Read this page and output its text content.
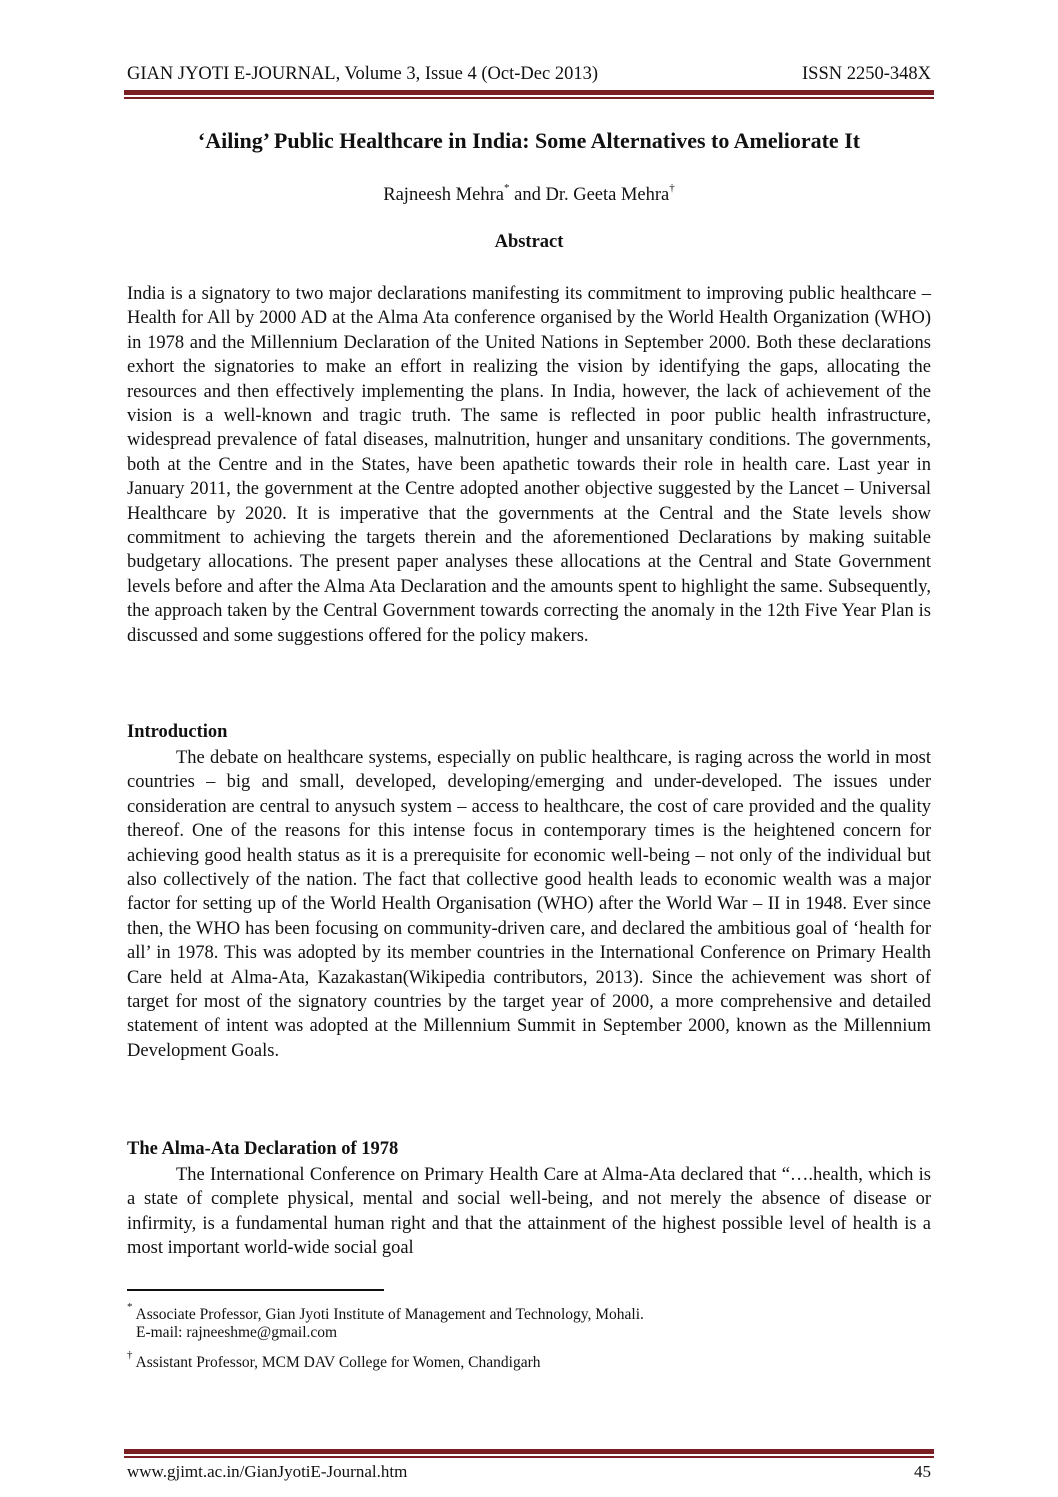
GIAN JYOTI E-JOURNAL, Volume 3, Issue 4 (Oct-Dec 2013)	ISSN 2250-348X
‘Ailing’ Public Healthcare in India: Some Alternatives to Ameliorate It
Rajneesh Mehra* and Dr. Geeta Mehra†
Abstract
India is a signatory to two major declarations manifesting its commitment to improving public healthcare – Health for All by 2000 AD at the Alma Ata conference organised by the World Health Organization (WHO) in 1978 and the Millennium Declaration of the United Nations in September 2000. Both these declarations exhort the signatories to make an effort in realizing the vision by identifying the gaps, allocating the resources and then effectively implementing the plans. In India, however, the lack of achievement of the vision is a well-known and tragic truth. The same is reflected in poor public health infrastructure, widespread prevalence of fatal diseases, malnutrition, hunger and unsanitary conditions. The governments, both at the Centre and in the States, have been apathetic towards their role in health care. Last year in January 2011, the government at the Centre adopted another objective suggested by the Lancet – Universal Healthcare by 2020. It is imperative that the governments at the Central and the State levels show commitment to achieving the targets therein and the aforementioned Declarations by making suitable budgetary allocations. The present paper analyses these allocations at the Central and State Government levels before and after the Alma Ata Declaration and the amounts spent to highlight the same. Subsequently, the approach taken by the Central Government towards correcting the anomaly in the 12th Five Year Plan is discussed and some suggestions offered for the policy makers.
Introduction
The debate on healthcare systems, especially on public healthcare, is raging across the world in most countries – big and small, developed, developing/emerging and under-developed. The issues under consideration are central to anysuch system – access to healthcare, the cost of care provided and the quality thereof. One of the reasons for this intense focus in contemporary times is the heightened concern for achieving good health status as it is a prerequisite for economic well-being – not only of the individual but also collectively of the nation. The fact that collective good health leads to economic wealth was a major factor for setting up of the World Health Organisation (WHO) after the World War – II in 1948. Ever since then, the WHO has been focusing on community-driven care, and declared the ambitious goal of ‘health for all’ in 1978. This was adopted by its member countries in the International Conference on Primary Health Care held at Alma-Ata, Kazakastan(Wikipedia contributors, 2013). Since the achievement was short of target for most of the signatory countries by the target year of 2000, a more comprehensive and detailed statement of intent was adopted at the Millennium Summit in September 2000, known as the Millennium Development Goals.
The Alma-Ata Declaration of 1978
The International Conference on Primary Health Care at Alma-Ata declared that “….health, which is a state of complete physical, mental and social well-being, and not merely the absence of disease or infirmity, is a fundamental human right and that the attainment of the highest possible level of health is a most important world-wide social goal
* Associate Professor, Gian Jyoti Institute of Management and Technology, Mohali.
E-mail: rajneeshme@gmail.com
† Assistant Professor, MCM DAV College for Women, Chandigarh
www.gjimt.ac.in/GianJyotiE-Journal.htm	45
